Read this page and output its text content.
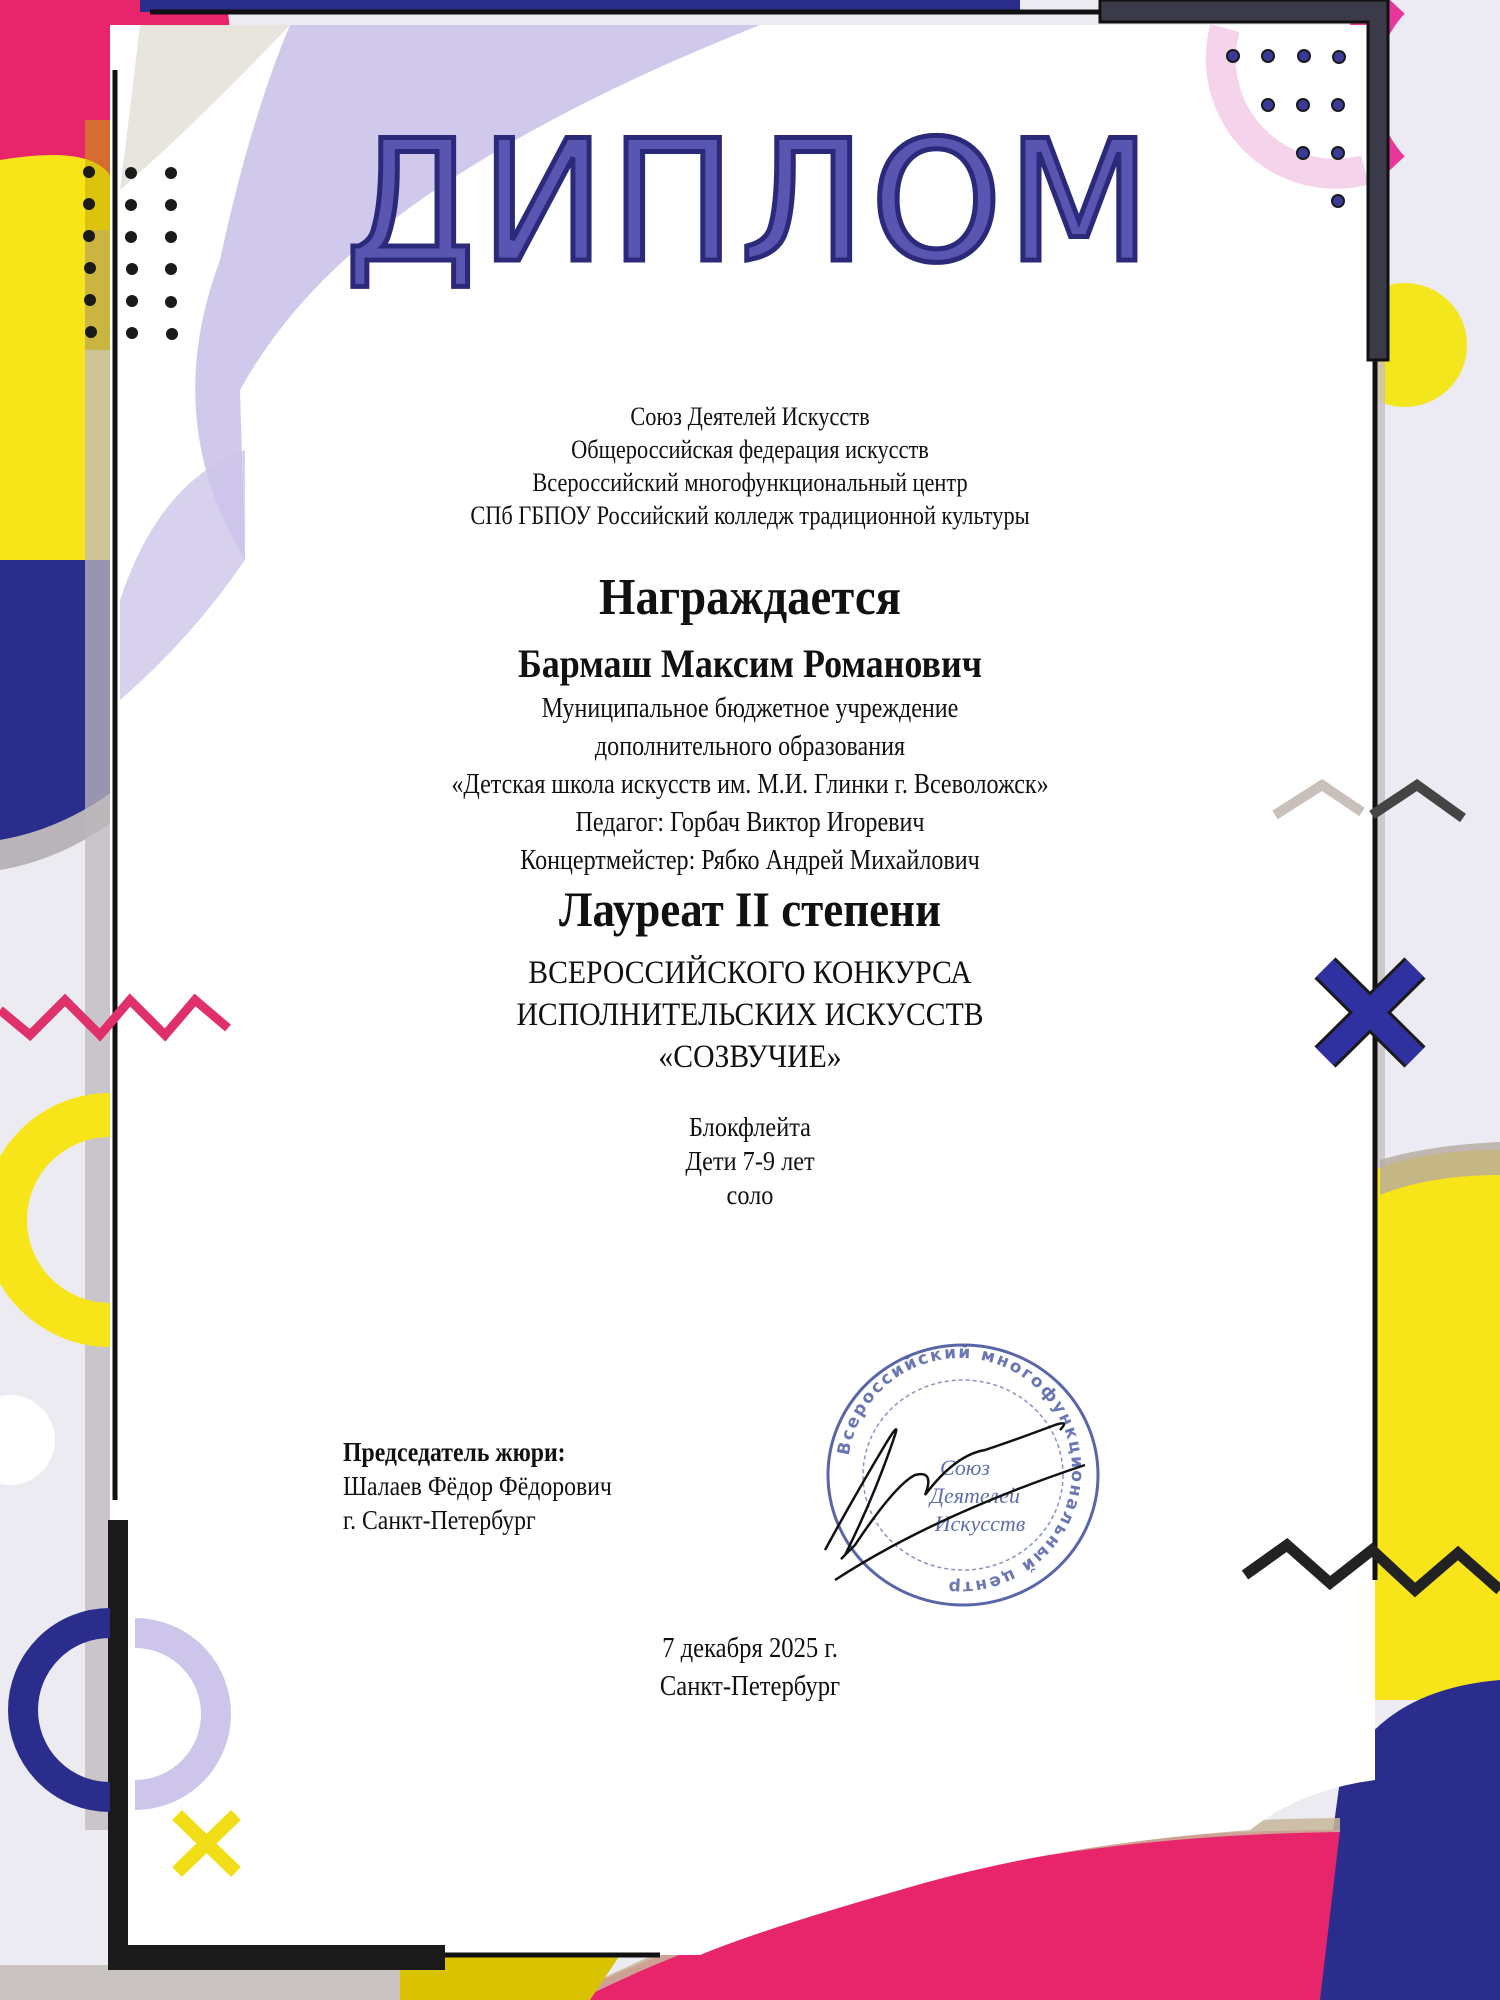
ДИПЛОМ
Союз Деятелей Искусств
Общероссийская федерация искусств
Всероссийский многофункциональный центр
СПб ГБПОУ Российский колледж традиционной культуры
Награждается
Бармаш Максим Романович
Муниципальное бюджетное учреждение
дополнительного образования
«Детская школа искусств им. М.И. Глинки г. Всеволожск»
Педагог: Горбач Виктор Игоревич
Концертмейстер: Рябко Андрей Михайлович
Лауреат II степени
ВСЕРОССИЙСКОГО КОНКУРСА
ИСПОЛНИТЕЛЬСКИХ ИСКУССТВ
«СОЗВУЧИЕ»
Блокфлейта
Дети 7-9 лет
соло
Председатель жюри:
Шалаев Фёдор Фёдорович
г. Санкт-Петербург
Всероссийский многофункциональный центр
Союз
Деятелей
Искусств
7 декабря 2025 г.
Санкт-Петербург
